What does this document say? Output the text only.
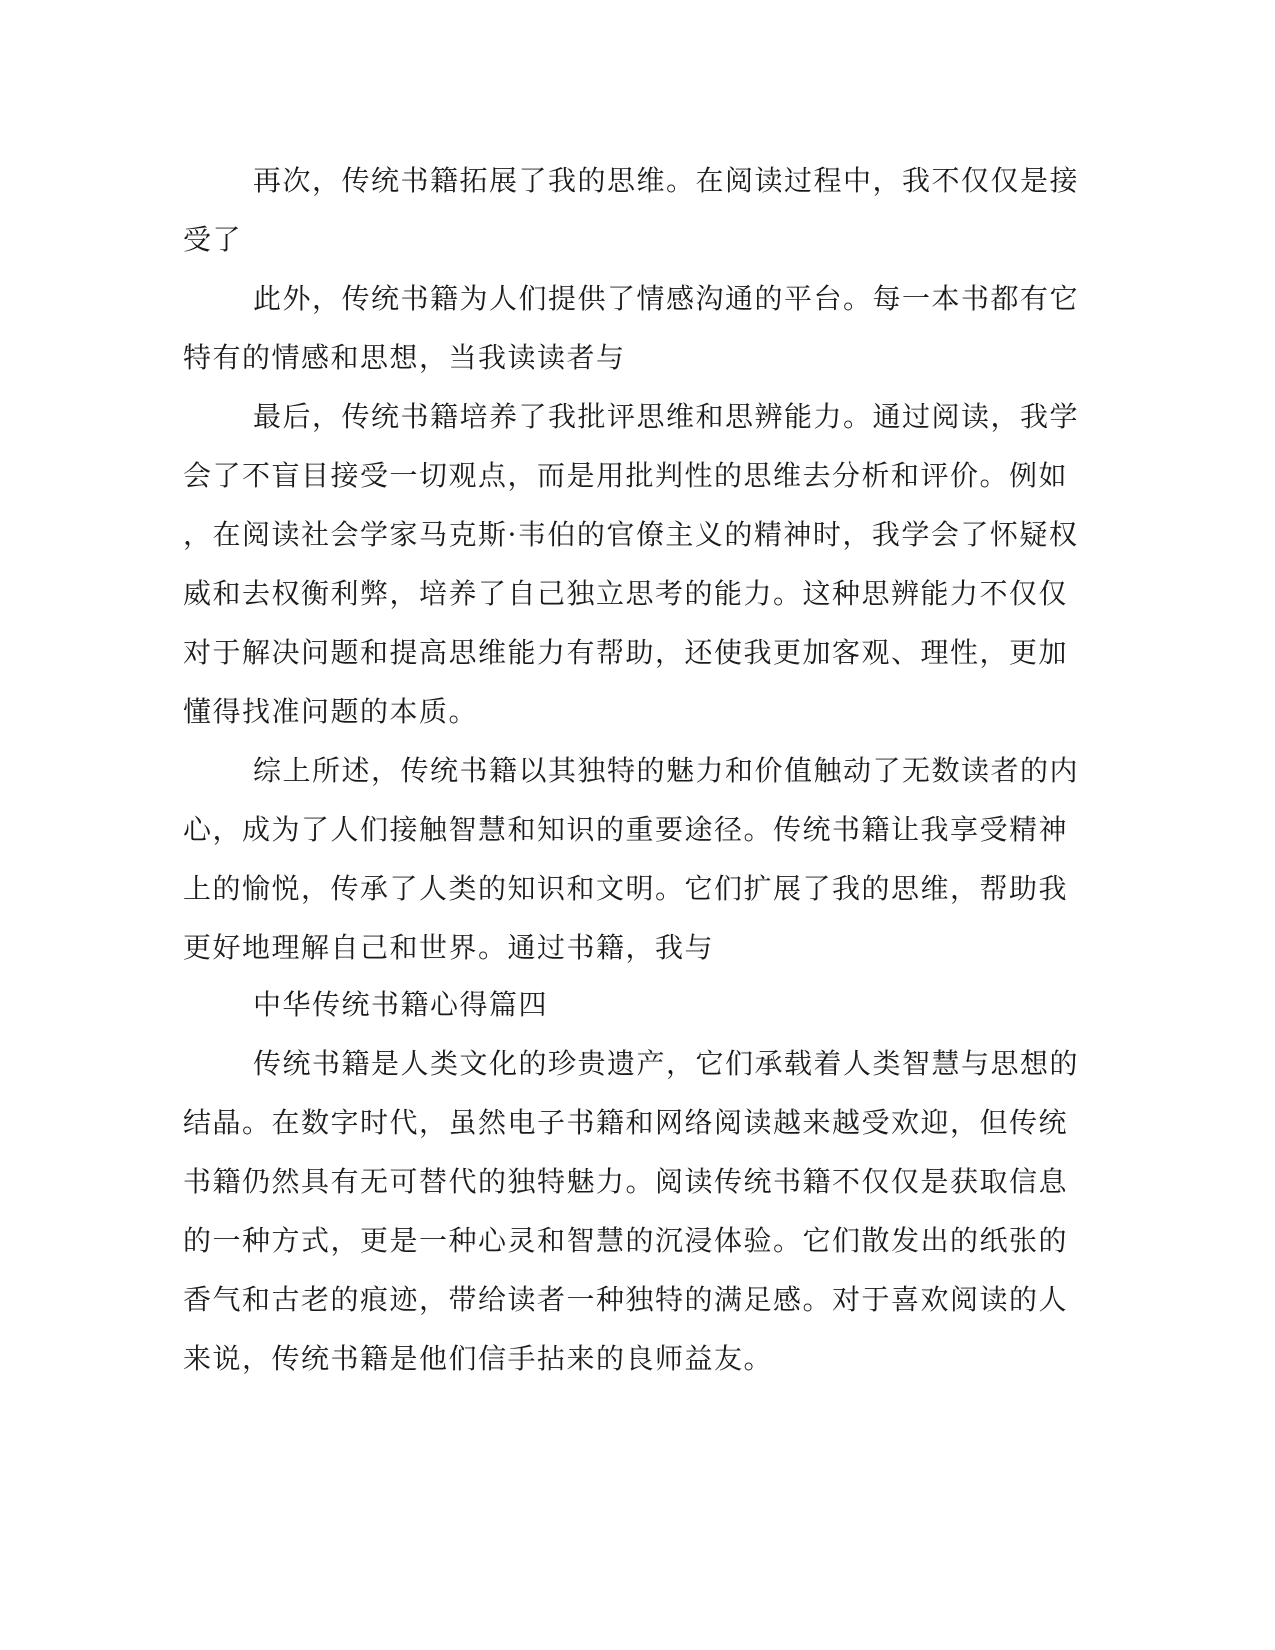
再次，传统书籍拓展了我的思维。在阅读过程中，我不仅仅是接
受了
此外，传统书籍为人们提供了情感沟通的平台。每一本书都有它
特有的情感和思想，当我读读者与
最后，传统书籍培养了我批评思维和思辨能力。通过阅读，我学
会了不盲目接受一切观点，而是用批判性的思维去分析和评价。例如
，在阅读社会学家马克斯·韦伯的官僚主义的精神时，我学会了怀疑权
威和去权衡利弊，培养了自己独立思考的能力。这种思辨能力不仅仅
对于解决问题和提高思维能力有帮助，还使我更加客观、理性，更加
懂得找准问题的本质。
综上所述，传统书籍以其独特的魅力和价值触动了无数读者的内
心，成为了人们接触智慧和知识的重要途径。传统书籍让我享受精神
上的愉悦，传承了人类的知识和文明。它们扩展了我的思维，帮助我
更好地理解自己和世界。通过书籍，我与
中华传统书籍心得篇四
传统书籍是人类文化的珍贵遗产，它们承载着人类智慧与思想的
结晶。在数字时代，虽然电子书籍和网络阅读越来越受欢迎，但传统
书籍仍然具有无可替代的独特魅力。阅读传统书籍不仅仅是获取信息
的一种方式，更是一种心灵和智慧的沉浸体验。它们散发出的纸张的
香气和古老的痕迹，带给读者一种独特的满足感。对于喜欢阅读的人
来说，传统书籍是他们信手拈来的良师益友。
